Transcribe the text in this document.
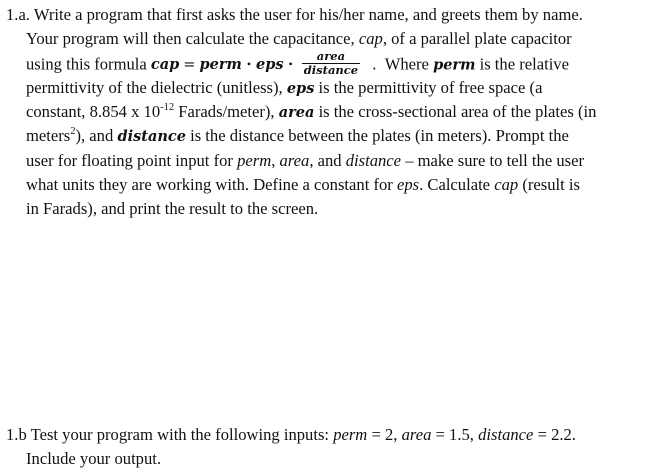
1.a. Write a program that first asks the user for his/her name, and greets them by name.
Your program will then calculate the capacitance, cap, of a parallel plate capacitor
using this formula cap = perm • eps • $\frac{\text{area}}{\text{distance}}$ . Where perm is the relative
permittivity of the dielectric (unitless), eps is the permittivity of free space (a
constant, 8.854 x $10^{-12}$ Farads/meter), area is the cross-sectional area of the plates (in
meters$^2$), and distance is the distance between the plates (in meters). Prompt the
user for floating point input for perm, area, and distance – make sure to tell the user
what units they are working with. Define a constant for eps. Calculate cap (result is
in Farads), and print the result to the screen.
1.b Test your program with the following inputs: perm = 2, area = 1.5, distance = 2.2.
Include your output.
